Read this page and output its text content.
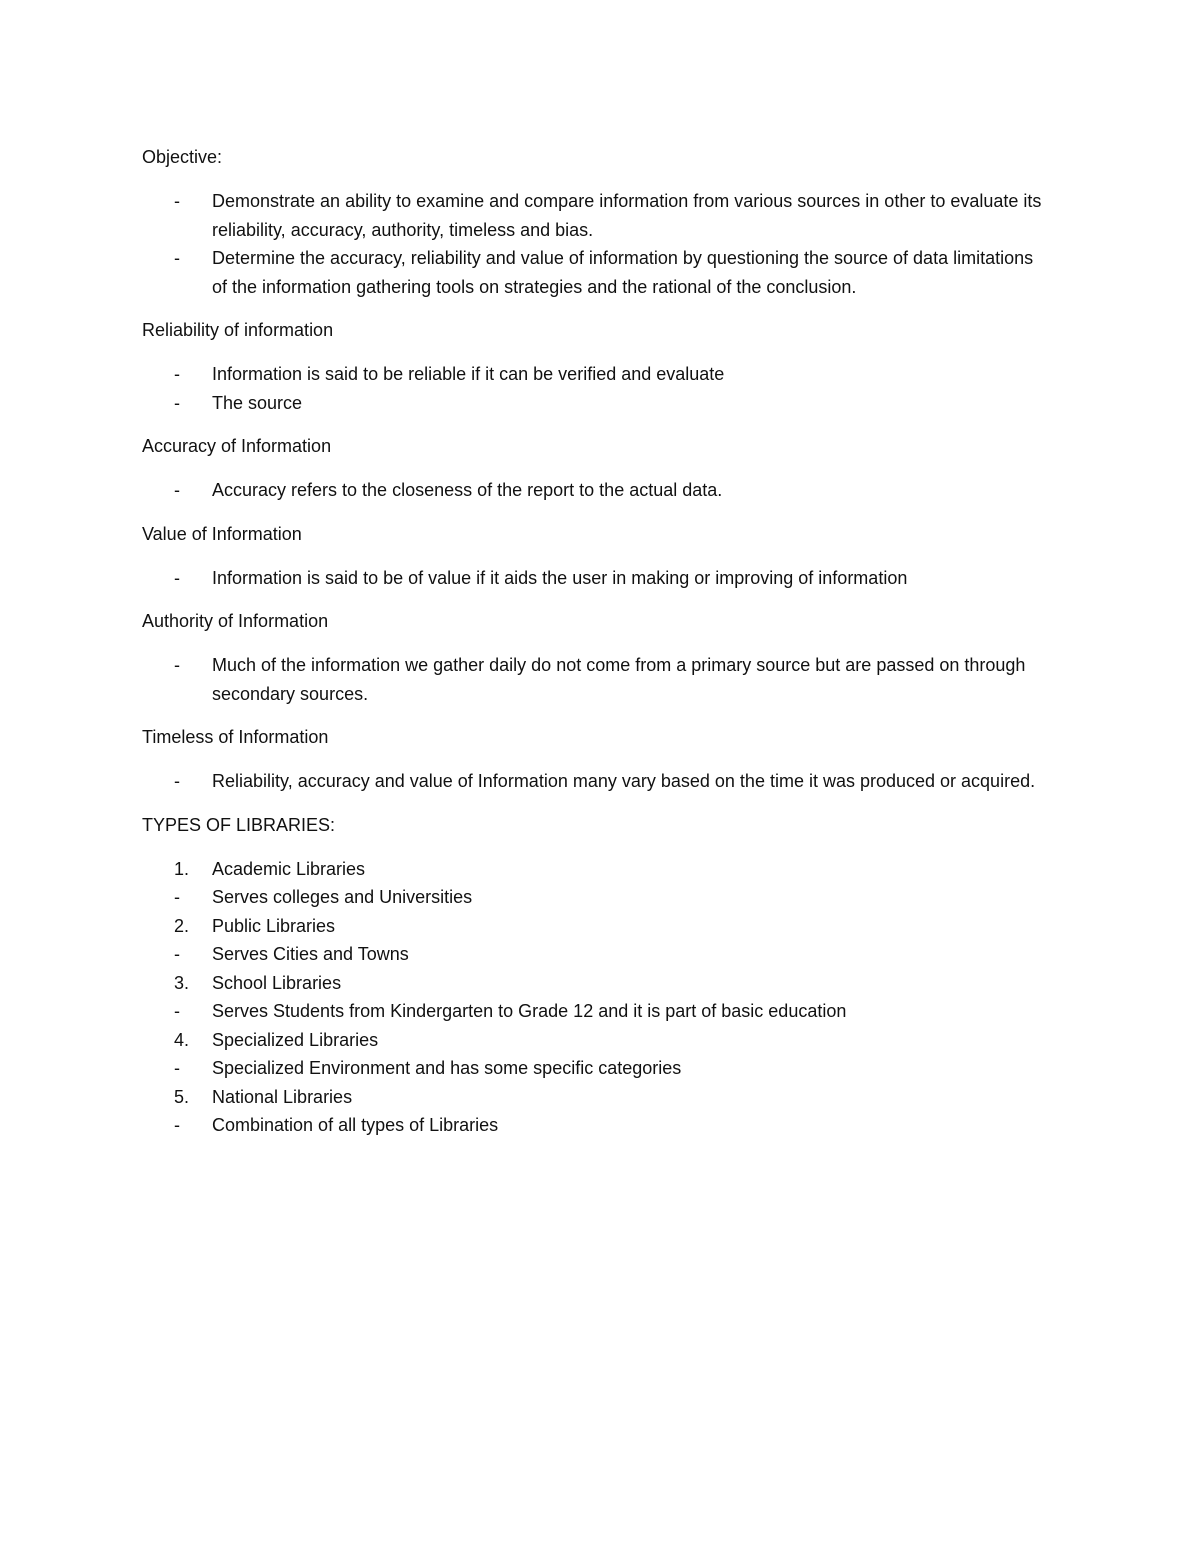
Objective:

-	Demonstrate an ability to examine and compare information from various sources in other to evaluate its reliability, accuracy, authority, timeless and bias.
-	Determine the accuracy, reliability and value of information by questioning the source of data limitations of the information gathering tools on strategies and the rational of the conclusion.

Reliability of information

-	Information is said to be reliable if it can be verified and evaluate
-	The source

Accuracy of Information

-	Accuracy refers to the closeness of the report to the actual data.

Value of Information

-	Information is said to be of value if it aids the user in making or improving of information

Authority of Information

-	Much of the information we gather daily do not come from a primary source but are passed on through secondary sources.

Timeless of Information

-	Reliability, accuracy and value of Information many vary based on the time it was produced or acquired.

TYPES OF LIBRARIES:

1.	Academic Libraries
-	Serves colleges and Universities
2.	Public Libraries
-	Serves Cities and Towns
3.	School Libraries
-	Serves Students from Kindergarten to Grade 12 and it is part of basic education
4.	Specialized Libraries
-	Specialized Environment and has some specific categories
5.	National Libraries
-	Combination of all types of Libraries
